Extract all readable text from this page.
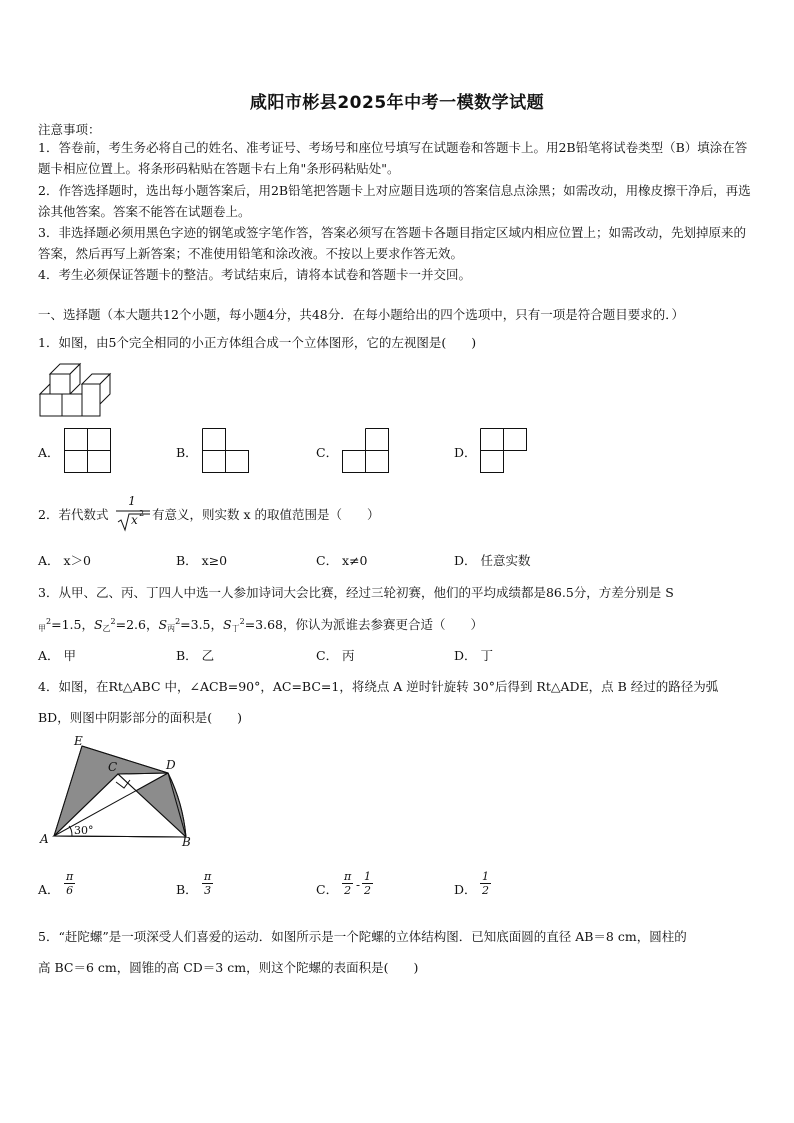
咸阳市彬县2025年中考一模数学试题
注意事项：
1．答卷前，考生务必将自己的姓名、准考证号、考场号和座位号填写在试题卷和答题卡上。用2B铅笔将试卷类型（B）填涂在答题卡相应位置上。将条形码粘贴在答题卡右上角"条形码粘贴处"。
2．作答选择题时，选出每小题答案后，用2B铅笔把答题卡上对应题目选项的答案信息点涂黑；如需改动，用橡皮擦干净后，再选涂其他答案。答案不能答在试题卷上。
3．非选择题必须用黑色字迹的钢笔或签字笔作答，答案必须写在答题卡各题目指定区域内相应位置上；如需改动，先划掉原来的答案，然后再写上新答案；不准使用铅笔和涂改液。不按以上要求作答无效。
4．考生必须保证答题卡的整洁。考试结束后，请将本试卷和答题卡一并交回。
一、选择题（本大题共12个小题，每小题4分，共48分．在每小题给出的四个选项中，只有一项是符合题目要求的．）
1．如图，由5个完全相同的小正方体组合成一个立体图形，它的左视图是(　　)
A．	B．	C．	D．
2．若代数式
1
x 2 有意义，则实数 x 的取值范围是（　　）
A． x＞0	B． x≥0	C． x≠0	D． 任意实数
3．从甲、乙、丙、丁四人中选一人参加诗词大会比赛，经过三轮初赛，他们的平均成绩都是86.5分，方差分别是 S
$_甲^2$=1.5，$S_乙^2=2.6$，$S_丙^2=3.5$，$S_丁^2=3.68$，你认为派谁去参赛更合适（　　）
A． 甲	B． 乙	C． 丙	D． 丁
4．如图，在Rt△ABC 中，∠ACB=90°，AC=BC=1，将绕点 A 逆时针旋转 30°后得到 Rt△ADE，点 B 经过的路径为弧
BD，则图中阴影部分的面积是(　　)
E
C	D
A	B
30°
A． $\frac{\pi}{6}$	B． $\frac{\pi}{3}$	C． $\frac{\pi}{2} - \frac{1}{2}$	D． $\frac{1}{2}$
5．“赶陀螺”是一项深受人们喜爱的运动．如图所示是一个陀螺的立体结构图．已知底面圆的直径 AB＝8 cm，圆柱的
高 BC＝6 cm，圆锥的高 CD＝3 cm，则这个陀螺的表面积是(　　)
